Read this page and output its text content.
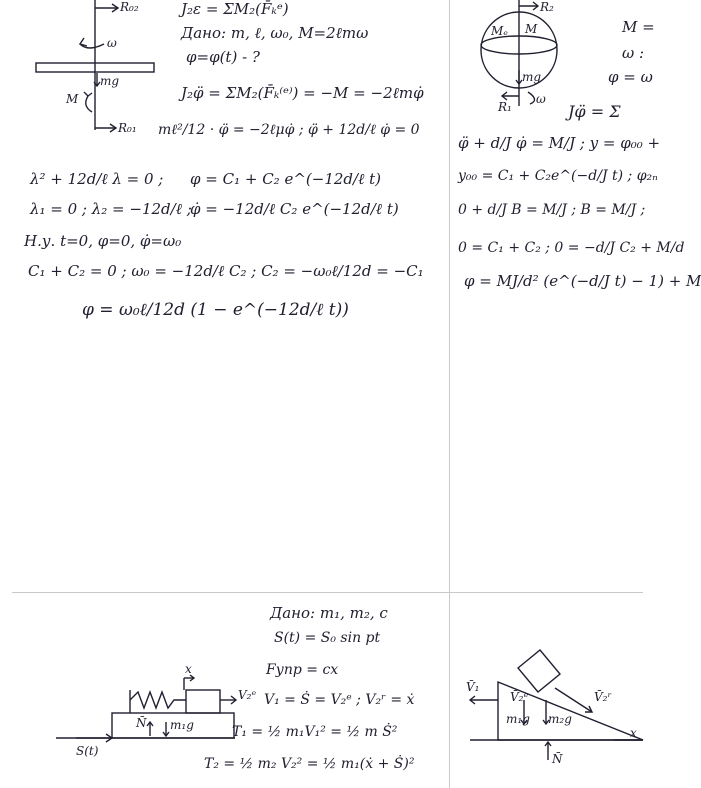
R₀₂
ω
mg
M
R₀₁
J₂ε = ΣM₂(F̄ₖᵉ)
Дано: m, ℓ, ω₀, M=2ℓmω
φ=φ(t) - ?
J₂φ̈ = ΣM₂(F̄ₖ⁽ᵉ⁾) = −M = −2ℓmφ̇
mℓ²/12 · φ̈ = −2ℓμφ̇ ; φ̈ + 12d/ℓ φ̇ = 0
λ² + 12d/ℓ λ = 0 ; φ = C₁ + C₂ e^(−12d/ℓ t)
λ₁ = 0 ; λ₂ = −12d/ℓ ;
φ̇ = −12d/ℓ C₂ e^(−12d/ℓ t)
Н.у. t=0, φ=0, φ̇=ω₀
C₁ + C₂ = 0 ; ω₀ = −12d/ℓ C₂ ; C₂ = −ω₀ℓ/12d = −C₁
φ = ω₀ℓ/12d (1 − e^(−12d/ℓ t))
R₂
Mₑ M
mg
R₁
ω
M =
ω :
φ = ω
Jφ̈ = Σ
φ̈ + d/J φ̇ = M/J ; y = φ₀₀ +
y₀₀ = C₁ + C₂e^(−d/J t) ; φ₂ₙ
0 + d/J B = M/J ; B = M/J ;
0 = C₁ + C₂ ; 0 = −d/J C₂ + M/d
φ = MJ/d² (e^(−d/J t) − 1) + M
x
V₂ᵉ
N̄ m₁g
S(t)
Дано: m₁, m₂, c
S(t) = S₀ sin pt
Fупр = cx
V₁ = Ṡ = V₂ᵉ ; V₂ʳ = ẋ
T₁ = ½ m₁V₁² = ½ m Ṡ²
T₂ = ½ m₂ V₂² = ½ m₁(ẋ + Ṡ)²
V̄₁
V̄₂ᵉ	V̄₂ʳ
m₁g m₂g
N̄
x
